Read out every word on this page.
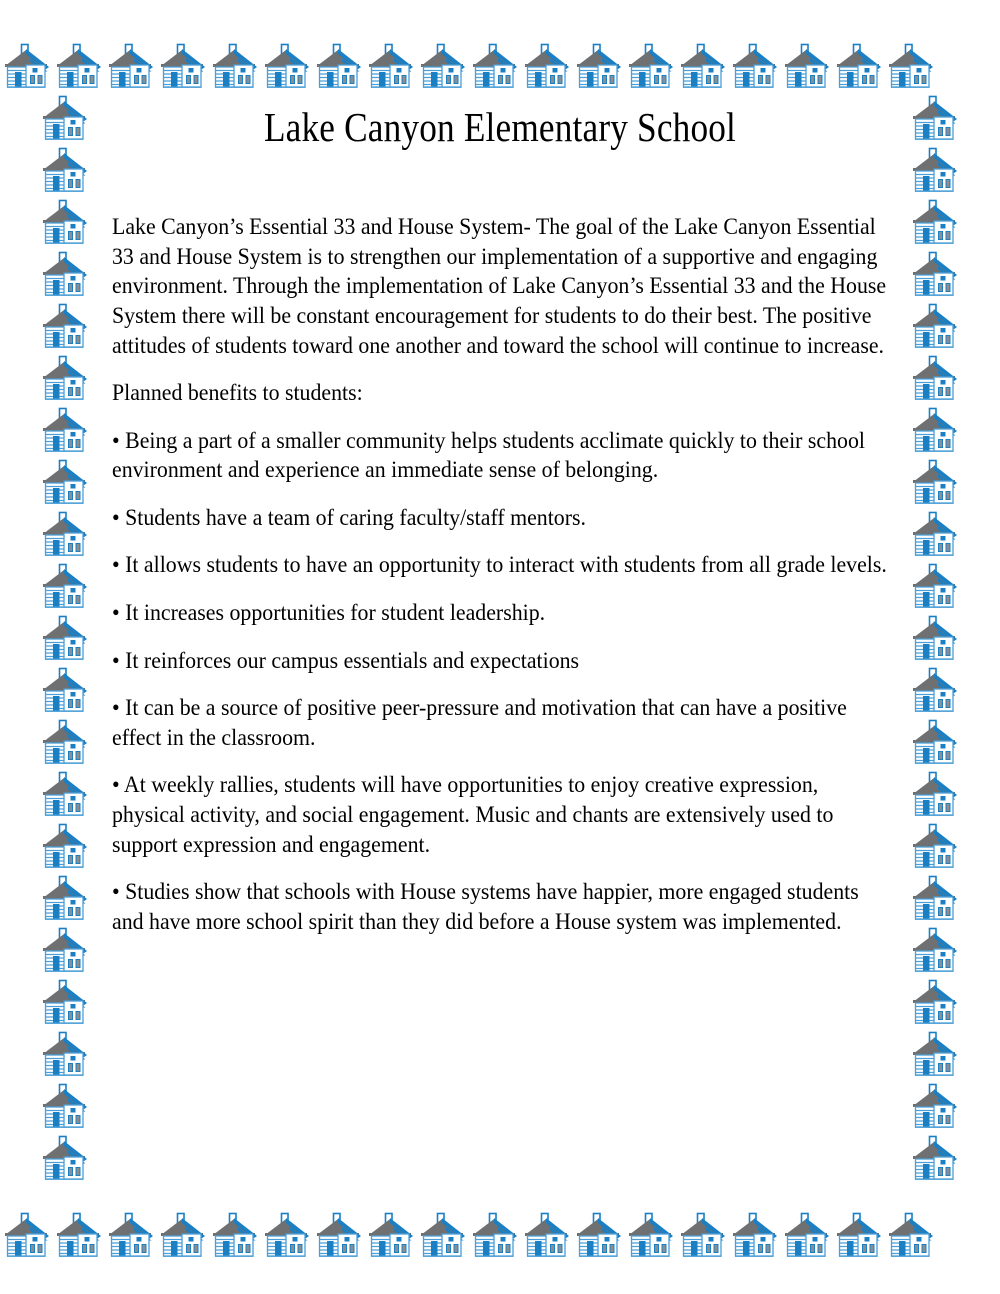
Lake Canyon Elementary School

Lake Canyon’s Essential 33 and House System- The goal of the Lake Canyon Essential 33 and House System is to strengthen our implementation of a supportive and engaging environment. Through the implementation of Lake Canyon’s Essential 33 and the House System there will be constant encouragement for students to do their best. The positive attitudes of students toward one another and toward the school will continue to increase.

Planned benefits to students:

• Being a part of a smaller community helps students acclimate quickly to their school environment and experience an immediate sense of belonging.

• Students have a team of caring faculty/staff mentors.

• It allows students to have an opportunity to interact with students from all grade levels.

• It increases opportunities for student leadership.

• It reinforces our campus essentials and expectations

• It can be a source of positive peer-pressure and motivation that can have a positive effect in the classroom.

• At weekly rallies, students will have opportunities to enjoy creative expression, physical activity, and social engagement. Music and chants are extensively used to support expression and engagement.

• Studies show that schools with House systems have happier, more engaged students and have more school spirit than they did before a House system was implemented.
